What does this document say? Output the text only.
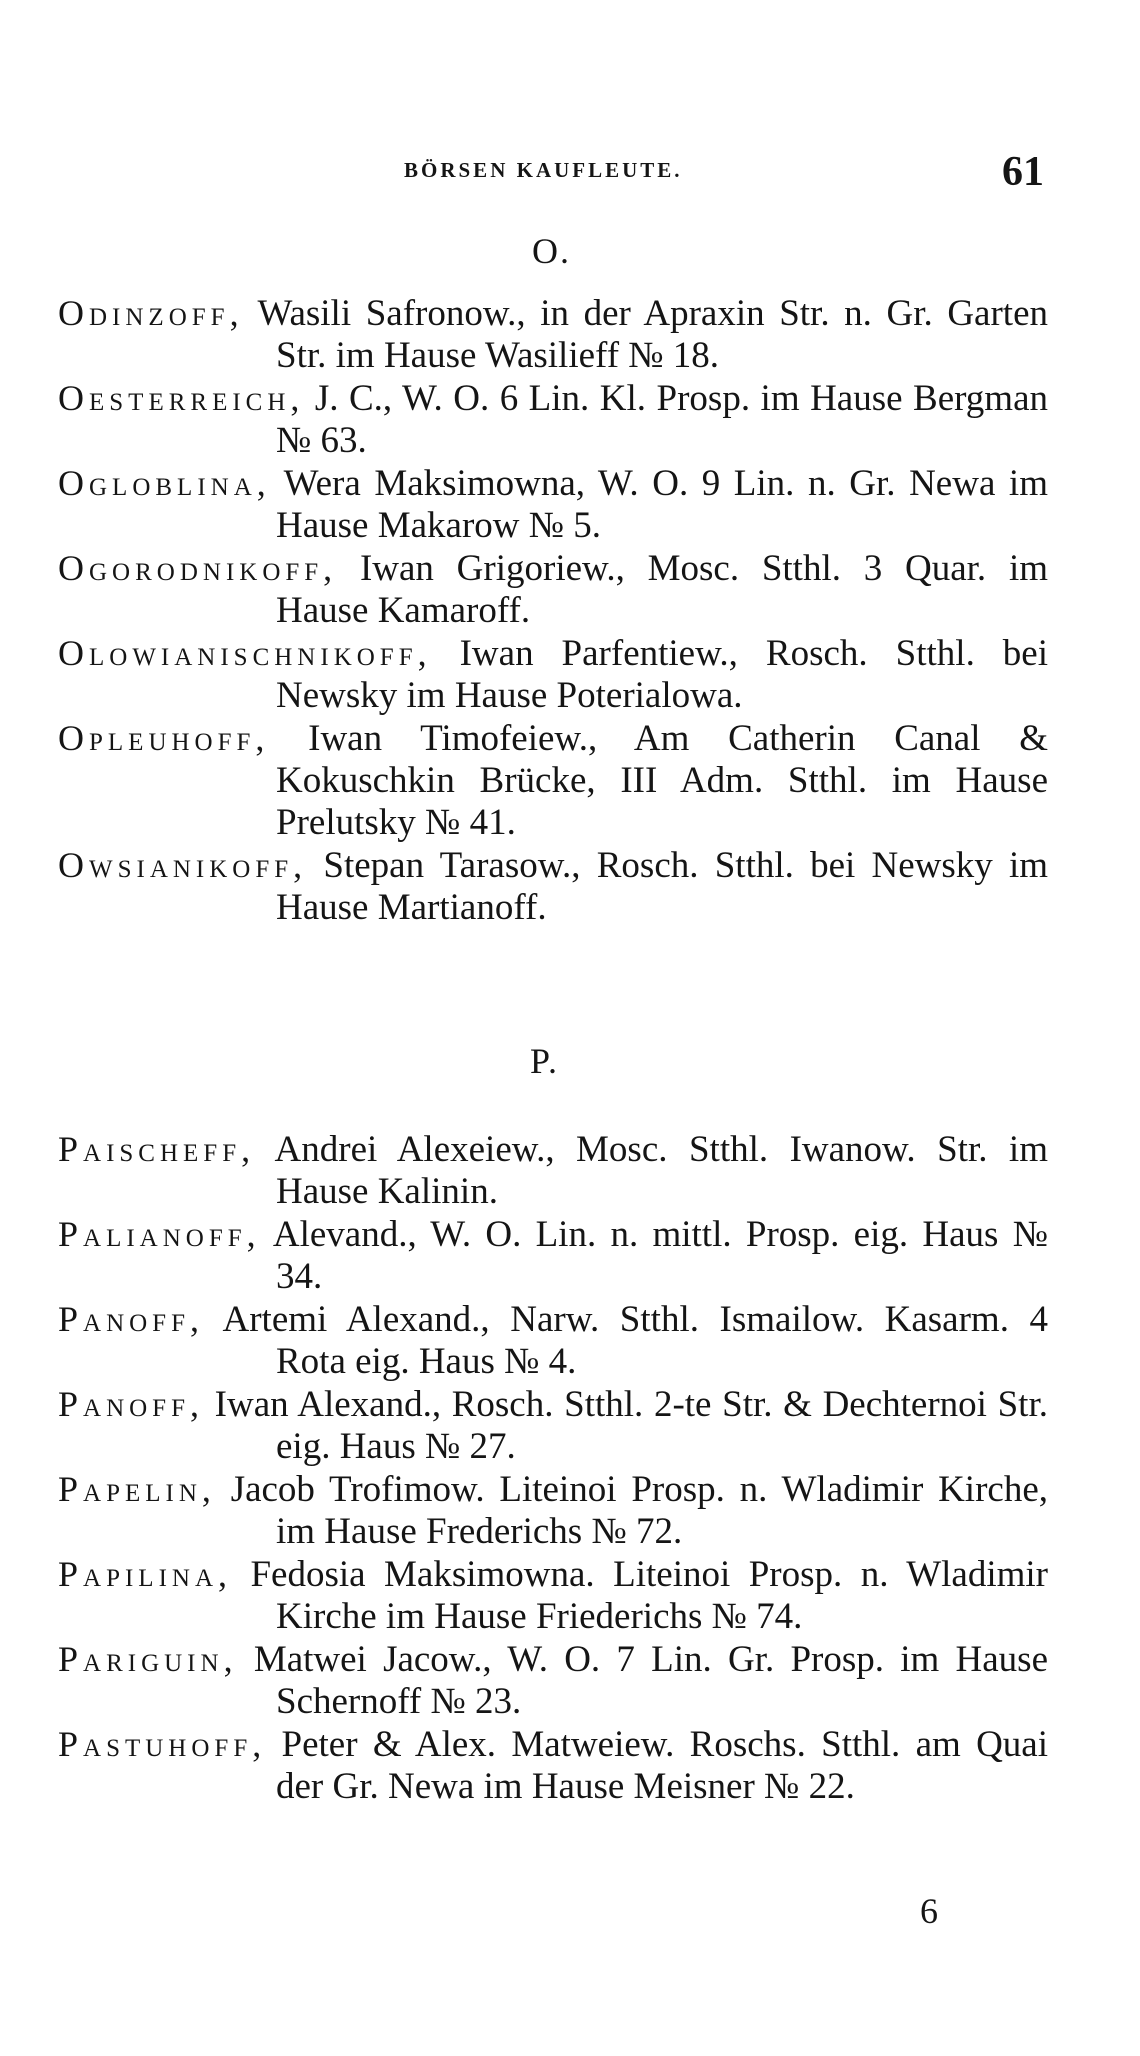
BÖRSEN KAUFLEUTE.	61
O.

Odinzoff, Wasili Safronow., in der Apraxin Str. n. Gr. Garten Str. im Hause Wasilieff № 18.

Oesterreich, J. C., W. O. 6 Lin. Kl. Prosp. im Hause Bergman № 63.

Ogloblina, Wera Maksimowna, W. O. 9 Lin. n. Gr. Newa im Hause Makarow № 5.

Ogorodnikoff, Iwan Grigoriew., Mosc. Stthl. 3 Quar. im Hause Kamaroff.

Olowianischnikoff, Iwan Parfentiew., Rosch. Stthl. bei Newsky im Hause Poterialowa.

Opleuhoff, Iwan Timofeiew., Am Catherin Canal & Kokuschkin Brücke, III Adm. Stthl. im Hause Prelutsky № 41.

Owsianikoff, Stepan Tarasow., Rosch. Stthl. bei Newsky im Hause Martianoff.

P.

Paischeff, Andrei Alexeiew., Mosc. Stthl. Iwanow. Str. im Hause Kalinin.

Palianoff, Alevand., W. O. Lin. n. mittl. Prosp. eig. Haus № 34.

Panoff, Artemi Alexand., Narw. Stthl. Ismailow. Kasarm. 4 Rota eig. Haus № 4.

Panoff, Iwan Alexand., Rosch. Stthl. 2-te Str. & Dechternoi Str. eig. Haus № 27.

Papelin, Jacob Trofimow. Liteinoi Prosp. n. Wladimir Kirche, im Hause Frederichs № 72.

Papilina, Fedosia Maksimowna. Liteinoi Prosp. n. Wladimir Kirche im Hause Friederichs № 74.

Pariguin, Matwei Jacow., W. O. 7 Lin. Gr. Prosp. im Hause Schernoff № 23.

Pastuhoff, Peter & Alex. Matweiew. Roschs. Stthl. am Quai der Gr. Newa im Hause Meisner № 22.

6
